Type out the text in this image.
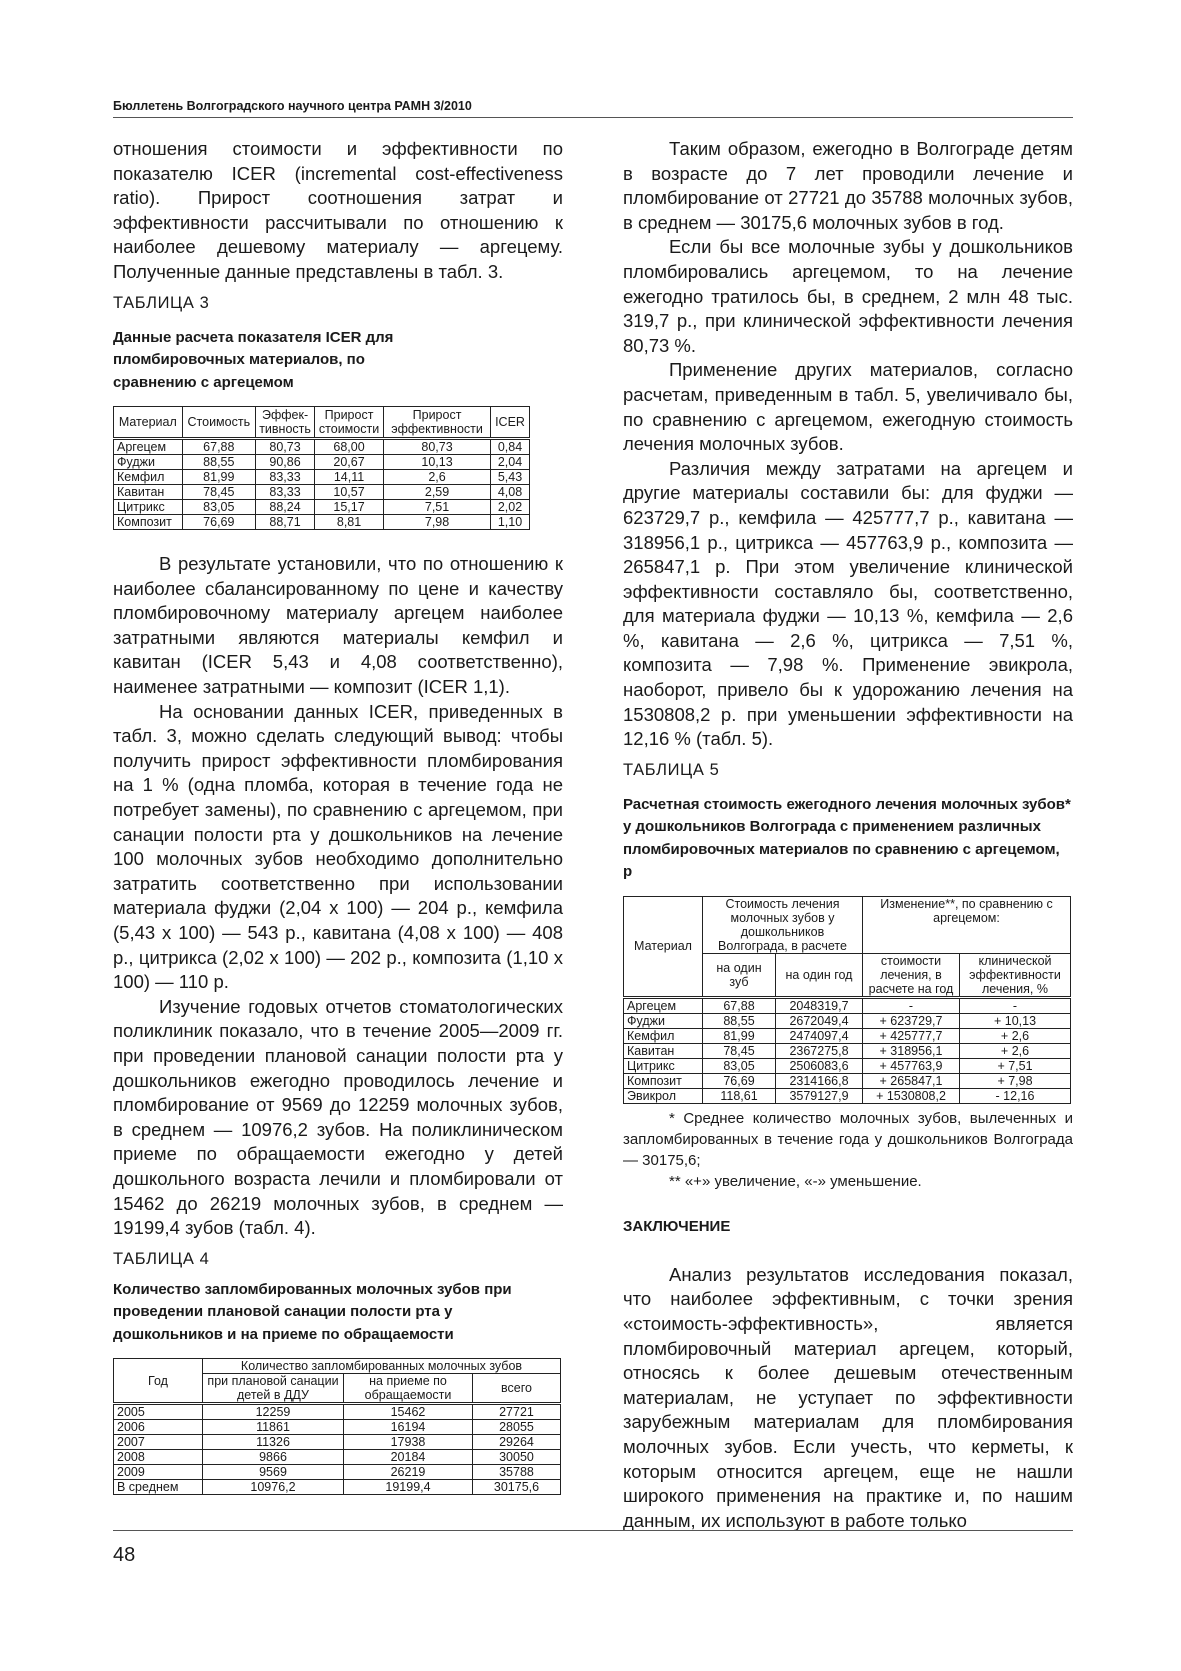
Бюллетень Волгоградского научного центра РАМН 3/2010

отношения стоимости и эффективности по показателю ICER (incremental cost-effectiveness ratio). Прирост соотношения затрат и эффективности рассчитывали по отношению к наиболее дешевому материалу — аргецему. Полученные данные представлены в табл. 3.

ТАБЛИЦА 3
Данные расчета показателя ICER для пломбировочных материалов, по сравнению с аргецемом
Материал	Стоимость	Эффек-тивность	Прирост стоимости	Прирост эффективности	ICER
Аргецем	67,88	80,73	68,00	80,73	0,84
Фуджи	88,55	90,86	20,67	10,13	2,04
Кемфил	81,99	83,33	14,11	2,6	5,43
Кавитан	78,45	83,33	10,57	2,59	4,08
Цитрикс	83,05	88,24	15,17	7,51	2,02
Композит	76,69	88,71	8,81	7,98	1,10

В результате установили, что по отношению к наиболее сбалансированному по цене и качеству пломбировочному материалу аргецем наиболее затратными являются материалы кемфил и кавитан (ICER 5,43 и 4,08 соответственно), наименее затратными — композит (ICER 1,1).

На основании данных ICER, приведенных в табл. 3, можно сделать следующий вывод: чтобы получить прирост эффективности пломбирования на 1 % (одна пломба, которая в течение года не потребует замены), по сравнению с аргецемом, при санации полости рта у дошкольников на лечение 100 молочных зубов необходимо дополнительно затратить соответственно при использовании материала фуджи (2,04 x 100) — 204 р., кемфила (5,43 x 100) — 543 р., кавитана (4,08 x 100) — 408 р., цитрикса (2,02 x 100) — 202 р., композита (1,10 x 100) — 110 р.

Изучение годовых отчетов стоматологических поликлиник показало, что в течение 2005—2009 гг. при проведении плановой санации полости рта у дошкольников ежегодно проводилось лечение и пломбирование от 9569 до 12259 молочных зубов, в среднем — 10976,2 зубов. На поликлиническом приеме по обращаемости ежегодно у детей дошкольного возраста лечили и пломбировали от 15462 до 26219 молочных зубов, в среднем — 19199,4 зубов (табл. 4).

ТАБЛИЦА 4
Количество запломбированных молочных зубов при проведении плановой санации полости рта у дошкольников и на приеме по обращаемости
Год	Количество запломбированных молочных зубов		
	при плановой санации детей в ДДУ	на приеме по обращаемости	всего
2005	12259	15462	27721
2006	11861	16194	28055
2007	11326	17938	29264
2008	9866	20184	30050
2009	9569	26219	35788
В среднем	10976,2	19199,4	30175,6

Таким образом, ежегодно в Волгограде детям в возрасте до 7 лет проводили лечение и пломбирование от 27721 до 35788 молочных зубов, в среднем — 30175,6 молочных зубов в год.

Если бы все молочные зубы у дошкольников пломбировались аргецемом, то на лечение ежегодно тратилось бы, в среднем, 2 млн 48 тыс. 319,7 р., при клинической эффективности лечения 80,73 %.

Применение других материалов, согласно расчетам, приведенным в табл. 5, увеличивало бы, по сравнению с аргецемом, ежегодную стоимость лечения молочных зубов.

Различия между затратами на аргецем и другие материалы составили бы: для фуджи — 623729,7 р., кемфила — 425777,7 р., кавитана — 318956,1 р., цитрикса — 457763,9 р., композита — 265847,1 р. При этом увеличение клинической эффективности составляло бы, соответственно, для материала фуджи — 10,13 %, кемфила — 2,6 %, кавитана — 2,6 %, цитрикса — 7,51 %, композита — 7,98 %. Применение эвикрола, наоборот, привело бы к удорожанию лечения на 1530808,2 р. при уменьшении эффективности на 12,16 % (табл. 5).

ТАБЛИЦА 5
Расчетная стоимость ежегодного лечения молочных зубов* у дошкольников Волгограда с применением различных пломбировочных материалов по сравнению с аргецемом, р
Материал	Стоимость лечения молочных зубов у дошкольников Волгограда, в расчете		Изменение**, по сравнению с аргецемом:	
	на один зуб	на один год	стоимости лечения, в расчете на год	клинической эффективности лечения, %
Аргецем	67,88	2048319,7	-	-
Фуджи	88,55	2672049,4	+ 623729,7	+ 10,13
Кемфил	81,99	2474097,4	+ 425777,7	+ 2,6
Кавитан	78,45	2367275,8	+ 318956,1	+ 2,6
Цитрикс	83,05	2506083,6	+ 457763,9	+ 7,51
Композит	76,69	2314166,8	+ 265847,1	+ 7,98
Эвикрол	118,61	3579127,9	+ 1530808,2	- 12,16

* Среднее количество молочных зубов, вылеченных и запломбированных в течение года у дошкольников Волгограда — 30175,6;

** «+» увеличение, «-» уменьшение.

ЗАКЛЮЧЕНИЕ

Анализ результатов исследования показал, что наиболее эффективным, с точки зрения «стоимость-эффективность», является пломбировочный материал аргецем, который, относясь к более дешевым отечественным материалам, не уступает по эффективности зарубежным материалам для пломбирования молочных зубов. Если учесть, что керметы, к которым относится аргецем, еще не нашли широкого применения на практике и, по нашим данным, их используют в работе только

48
